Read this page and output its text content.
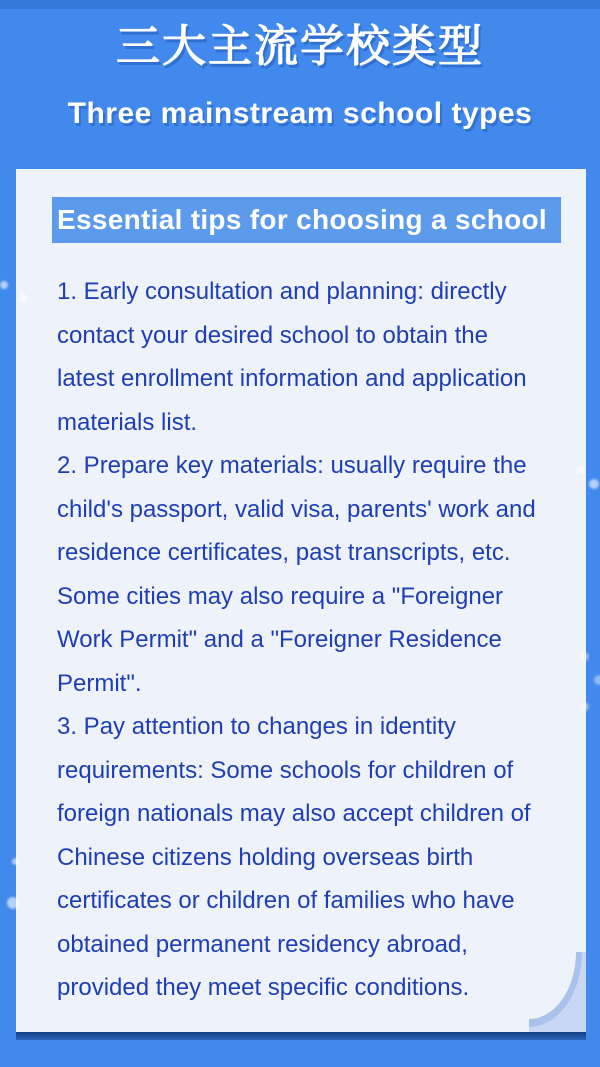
三大主流学校类型
Three mainstream school types
Essential tips for choosing a school

1. Early consultation and planning: directly contact your desired school to obtain the latest enrollment information and application materials list.

2. Prepare key materials: usually require the child's passport, valid visa, parents' work and residence certificates, past transcripts, etc. Some cities may also require a "Foreigner Work Permit" and a "Foreigner Residence Permit".

3. Pay attention to changes in identity requirements: Some schools for children of foreign nationals may also accept children of Chinese citizens holding overseas birth certificates or children of families who have obtained permanent residency abroad, provided they meet specific conditions.
